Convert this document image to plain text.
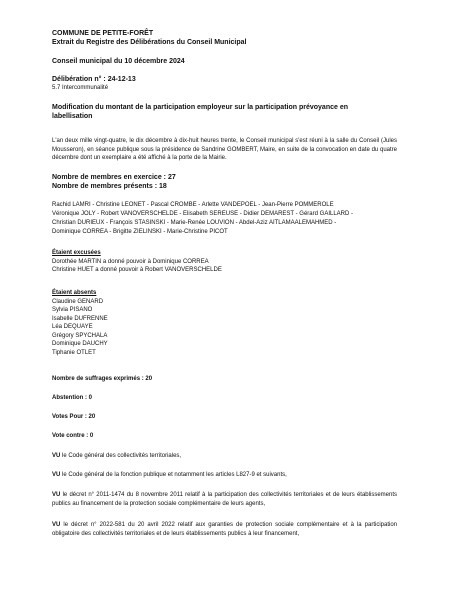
COMMUNE DE PETITE-FORÊT
Extrait du Registre des Délibérations du Conseil Municipal

Conseil municipal du 10 décembre 2024

Délibération n° : 24-12-13
5.7 Intercommunalité

Modification du montant de la participation employeur sur la participation prévoyance en labellisation

L'an deux mille vingt-quatre, le dix décembre à dix-huit heures trente, le Conseil municipal s'est réuni à la salle du Conseil (Jules Mousseron), en séance publique sous la présidence de Sandrine GOMBERT, Maire, en suite de la convocation en date du quatre décembre dont un exemplaire a été affiché à la porte de la Mairie.

Nombre de membres en exercice : 27
Nombre de membres présents : 18
Rachid LAMRI - Christine LEONET - Pascal CROMBE - Arlette VANDEPOEL - Jean-Pierre POMMEROLE
Véronique JOLY - Robert VANOVERSCHELDE - Elisabeth SEREUSE - Didier DEMAREST - Gérard GAILLARD -
Christian DURIEUX - François STASINSKI - Marie-Renée LOUVION - Abdel-Aziz AITLAMAALEMAHMED -
Dominique CORREA - Brigitte ZIELINSKI - Marie-Christine PICOT
Étaient excusées
Dorothée MARTIN a donné pouvoir à Dominique CORREA
Christine HUET a donné pouvoir à Robert VANOVERSCHELDE
Étaient absents
Claudine GENARD
Sylvia PISANO
Isabelle DUFRENNE
Léa DEQUAYE
Grégory SPYCHALA
Dominique DAUCHY
Tiphanie OTLET

Nombre de suffrages exprimés : 20

Abstention : 0

Votes Pour : 20

Vote contre : 0

VU le Code général des collectivités territoriales,

VU le Code général de la fonction publique et notamment les articles L827-9 et suivants,

VU le décret n° 2011-1474 du 8 novembre 2011 relatif à la participation des collectivités territoriales et de leurs établissements publics au financement de la protection sociale complémentaire de leurs agents,

VU le décret n° 2022-581 du 20 avril 2022 relatif aux garanties de protection sociale complémentaire et à la participation obligatoire des collectivités territoriales et de leurs établissements publics à leur financement,
